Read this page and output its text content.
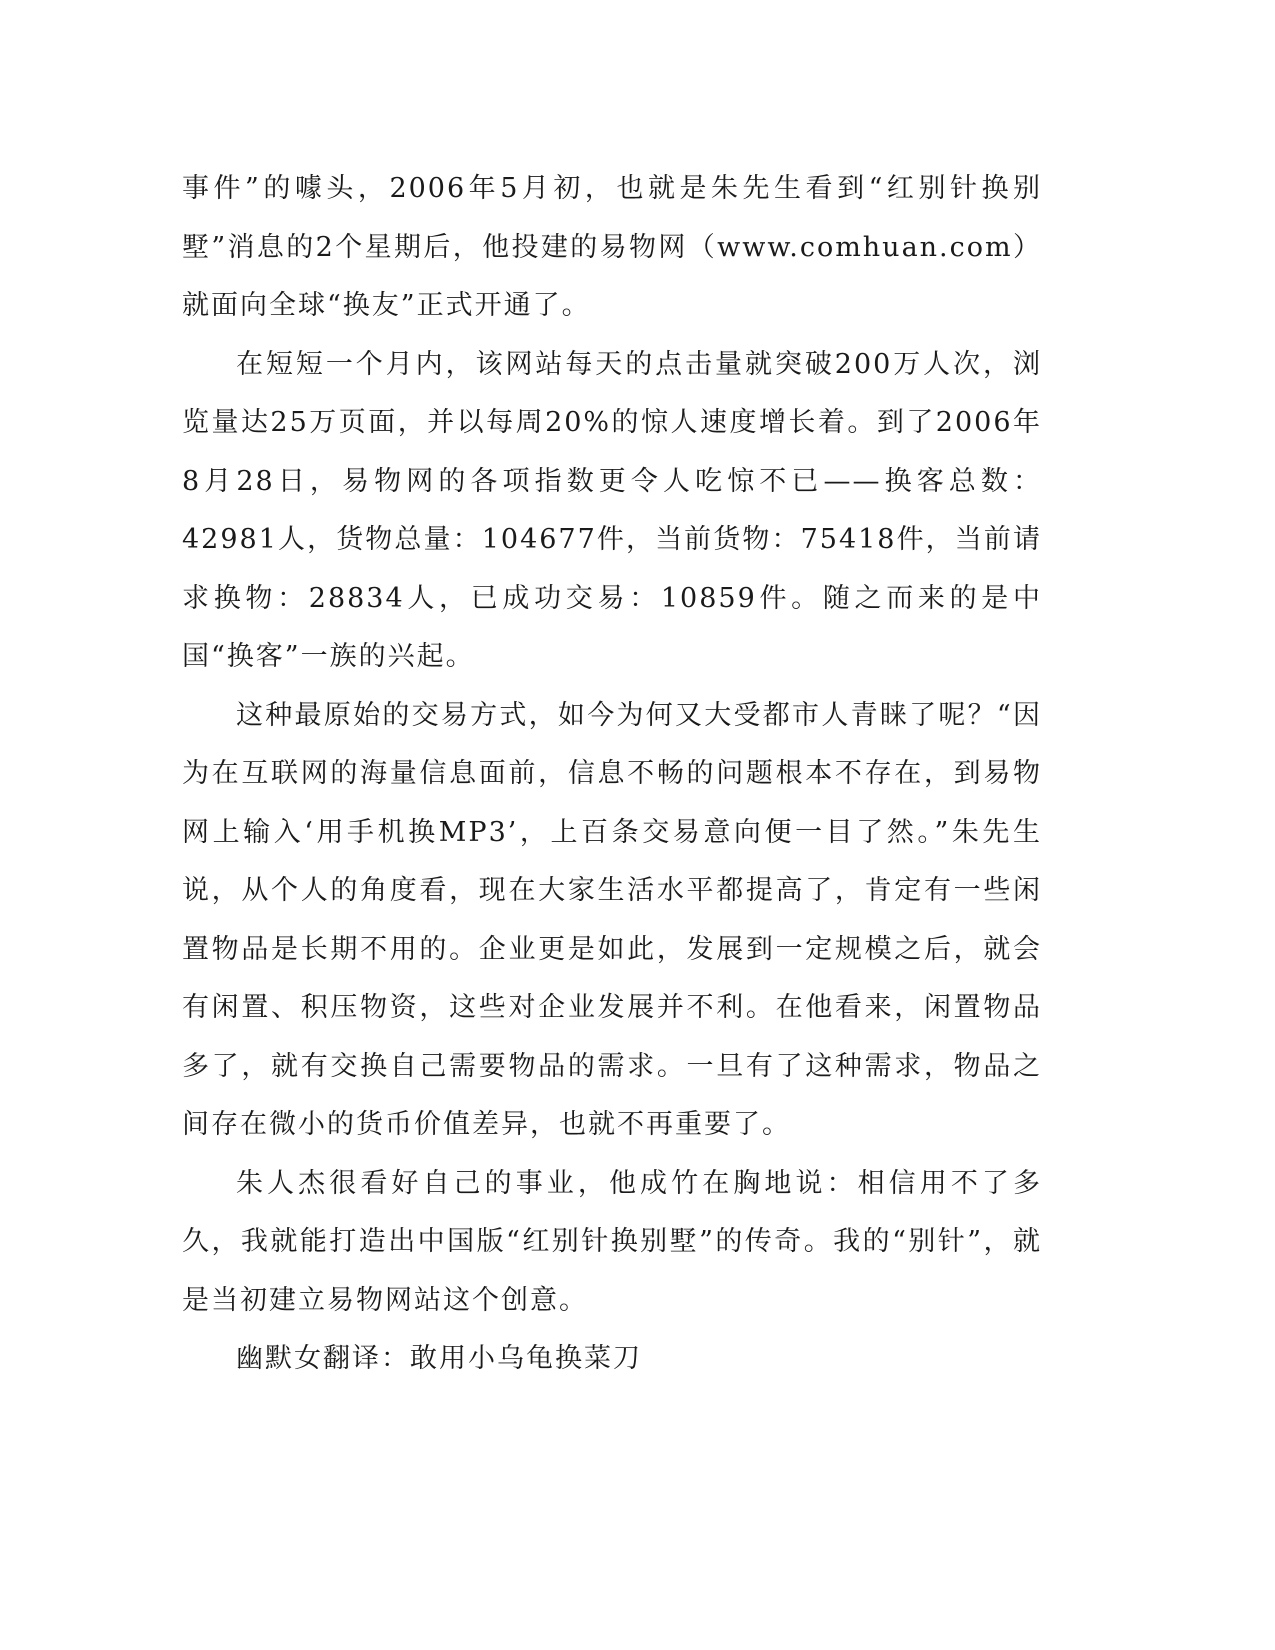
事件”的噱头，2006年5月初，也就是朱先生看到“红别针换别墅”消息的2个星期后，他投建的易物网（www.comhuan.com）就面向全球“换友”正式开通了。

在短短一个月内，该网站每天的点击量就突破200万人次，浏览量达25万页面，并以每周20%的惊人速度增长着。到了2006年8月28日，易物网的各项指数更令人吃惊不已——换客总数：42981人，货物总量：104677件，当前货物：75418件，当前请求换物：28834人，已成功交易：10859件。随之而来的是中国“换客”一族的兴起。

这种最原始的交易方式，如今为何又大受都市人青睐了呢？“因为在互联网的海量信息面前，信息不畅的问题根本不存在，到易物网上输入‘用手机换MP3’，上百条交易意向便一目了然。”朱先生说，从个人的角度看，现在大家生活水平都提高了，肯定有一些闲置物品是长期不用的。企业更是如此，发展到一定规模之后，就会有闲置、积压物资，这些对企业发展并不利。在他看来，闲置物品多了，就有交换自己需要物品的需求。一旦有了这种需求，物品之间存在微小的货币价值差异，也就不再重要了。

朱人杰很看好自己的事业，他成竹在胸地说：相信用不了多久，我就能打造出中国版“红别针换别墅”的传奇。我的“别针”，就是当初建立易物网站这个创意。

幽默女翻译：敢用小乌龟换菜刀
